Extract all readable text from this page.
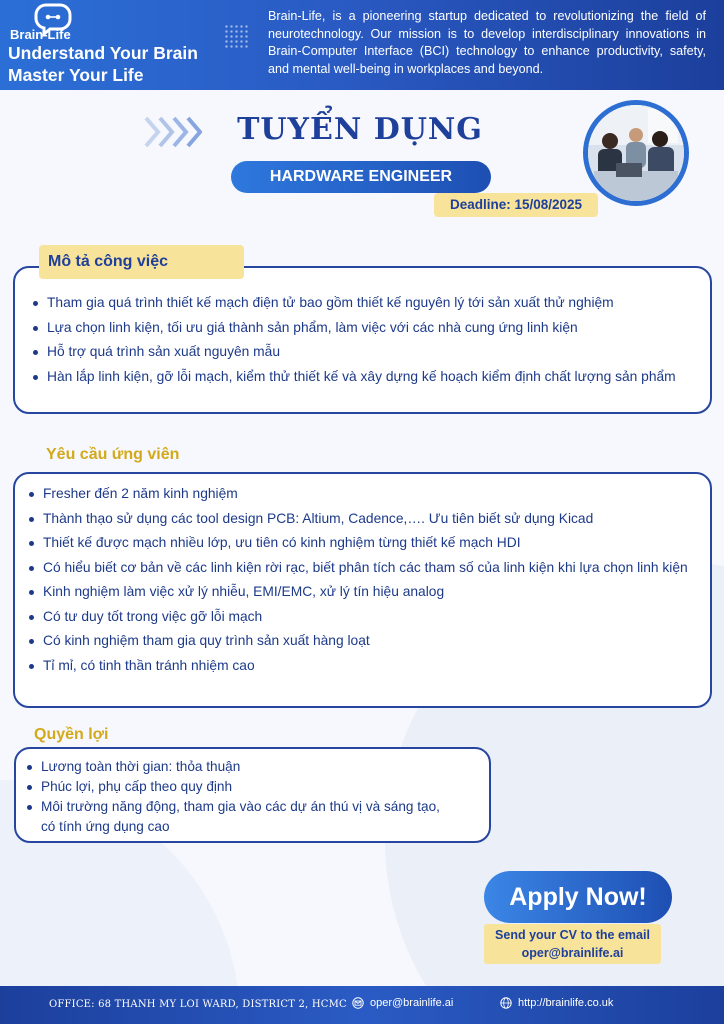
Brain-Life
Understand Your Brain
Master Your Life
Brain-Life, is a pioneering startup dedicated to revolutionizing the field of neurotechnology. Our mission is to develop interdisciplinary innovations in Brain-Computer Interface (BCI) technology to enhance productivity, safety, and mental well-being in workplaces and beyond.
TUYỂN DỤNG
HARDWARE ENGINEER
Deadline: 15/08/2025
Tham gia quá trình thiết kế mạch điện tử bao gồm thiết kế nguyên lý tới sản xuất thử nghiệm
Lựa chọn linh kiện, tối ưu giá thành sản phẩm, làm việc với các nhà cung ứng linh kiện
Hỗ trợ quá trình sản xuất nguyên mẫu
Hàn lắp linh kiện, gỡ lỗi mạch, kiểm thử thiết kế và xây dựng kế hoạch kiểm định chất lượng sản phẩm
Mô tả công việc
Yêu cầu ứng viên
Fresher đến 2 năm kinh nghiệm
Thành thạo sử dụng các tool design PCB: Altium, Cadence,…. Ưu tiên biết sử dụng Kicad
Thiết kế được mạch nhiều lớp, ưu tiên có kinh nghiệm từng thiết kế mạch HDI
Có hiểu biết cơ bản về các linh kiện rời rạc, biết phân tích các tham số của linh kiện khi lựa chọn linh kiện
Kinh nghiệm làm việc xử lý nhiễu, EMI/EMC, xử lý tín hiệu analog
Có tư duy tốt trong việc gỡ lỗi mạch
Có kinh nghiệm tham gia quy trình sản xuất hàng loạt
Tỉ mỉ, có tinh thần tránh nhiệm cao
Quyền lợi
Lương toàn thời gian: thỏa thuận
Phúc lợi, phụ cấp theo quy định
Môi trường năng động, tham gia vào các dự án thú vị và sáng tạo, có tính ứng dụng cao
Apply Now!
Send your CV to the email
oper@brainlife.ai
OFFICE: 68 THANH MY LOI WARD, DISTRICT 2, HCMC oper@brainlife.ai	http://brainlife.co.uk
